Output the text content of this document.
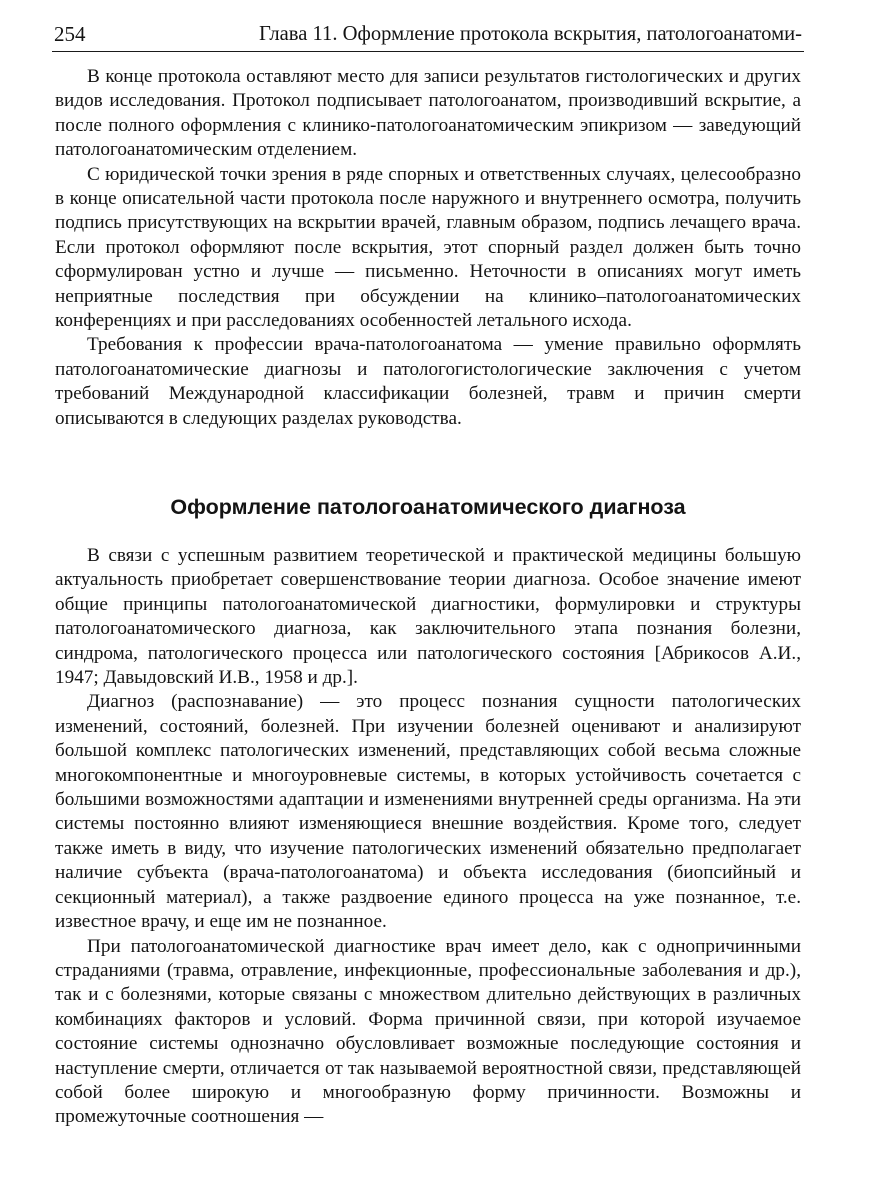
254	Глава 11. Оформление протокола вскрытия, патологоанатоми-

В конце протокола оставляют место для записи результатов гистологических и других видов исследования. Протокол подписывает патологоанатом, производивший вскрытие, а после полного оформления с клинико-патологоанатомическим эпикризом — заведующий патологоанатомическим отделением.

С юридической точки зрения в ряде спорных и ответственных случаях, целесообразно в конце описательной части протокола после наружного и внутреннего осмотра, получить подпись присутствующих на вскрытии врачей, главным образом, подпись лечащего врача. Если протокол оформляют после вскрытия, этот спорный раздел должен быть точно сформулирован устно и лучше — письменно. Неточности в описаниях могут иметь неприятные последствия при обсуждении на клинико–патологоанатомических конференциях и при расследованиях особенностей летального исхода.

Требования к профессии врача-патологоанатома — умение правильно оформлять патологоанатомические диагнозы и патологогистологические заключения с учетом требований Международной классификации болезней, травм и причин смерти описываются в следующих разделах руководства.

Оформление патологоанатомического диагноза

В связи с успешным развитием теоретической и практической медицины большую актуальность приобретает совершенствование теории диагноза. Особое значение имеют общие принципы патологоанатомической диагностики, формулировки и структуры патологоанатомического диагноза, как заключительного этапа познания болезни, синдрома, патологического процесса или патологического состояния [Абрикосов А.И., 1947; Давыдовский И.В., 1958 и др.].

Диагноз (распознавание) — это процесс познания сущности патологических изменений, состояний, болезней. При изучении болезней оценивают и анализируют большой комплекс патологических изменений, представляющих собой весьма сложные многокомпонентные и многоуровневые системы, в которых устойчивость сочетается с большими возможностями адаптации и изменениями внутренней среды организма. На эти системы постоянно влияют изменяющиеся внешние воздействия. Кроме того, следует также иметь в виду, что изучение патологических изменений обязательно предполагает наличие субъекта (врача-патологоанатома) и объекта исследования (биопсийный и секционный материал), а также раздвоение единого процесса на уже познанное, т.е. известное врачу, и еще им не познанное.

При патологоанатомической диагностике врач имеет дело, как с однопричинными страданиями (травма, отравление, инфекционные, профессиональные заболевания и др.), так и с болезнями, которые связаны с множеством длительно действующих в различных комбинациях факторов и условий. Форма причинной связи, при которой изучаемое состояние системы однозначно обусловливает возможные последующие состояния и наступление смерти, отличается от так называемой вероятностной связи, представляющей собой более широкую и многообразную форму причинности. Возможны и промежуточные соотношения —
